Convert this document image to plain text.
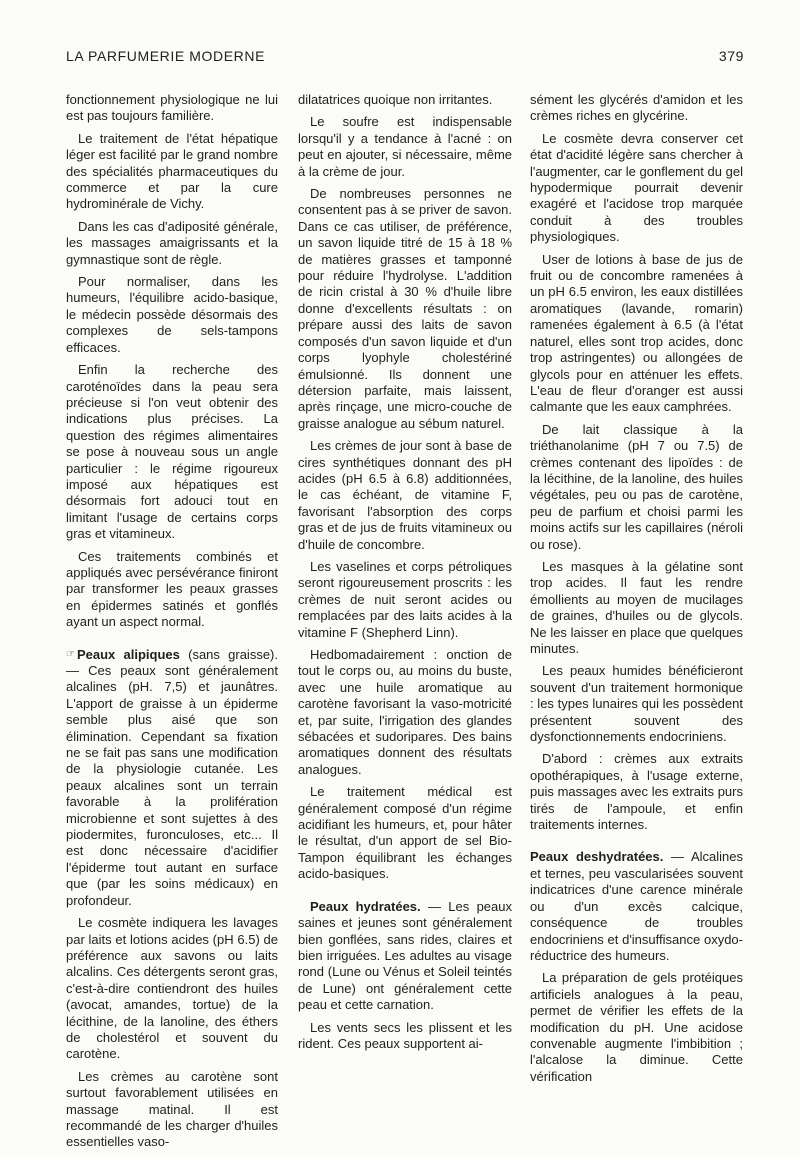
LA PARFUMERIE MODERNE	379

fonctionnement physiologique ne lui est pas toujours familière.

Le traitement de l'état hépatique léger est facilité par le grand nombre des spécialités pharmaceutiques du commerce et par la cure hydrominérale de Vichy.

Dans les cas d'adiposité générale, les massages amaigrissants et la gymnastique sont de règle.

Pour normaliser, dans les humeurs, l'équilibre acido-basique, le médecin possède désormais des complexes de sels-tampons efficaces.

Enfin la recherche des caroténoïdes dans la peau sera précieuse si l'on veut obtenir des indications plus précises. La question des régimes alimentaires se pose à nouveau sous un angle particulier : le régime rigoureux imposé aux hépatiques est désormais fort adouci tout en limitant l'usage de certains corps gras et vitamineux.

Ces traitements combinés et appliqués avec persévérance finiront par transformer les peaux grasses en épidermes satinés et gonflés ayant un aspect normal.

☞ Peaux alipiques (sans graisse). — Ces peaux sont généralement alcalines (pH. 7,5) et jaunâtres. L'apport de graisse à un épiderme semble plus aisé que son élimination. Cependant sa fixation ne se fait pas sans une modification de la physiologie cutanée. Les peaux alcalines sont un terrain favorable à la prolifération microbienne et sont sujettes à des piodermites, furonculoses, etc... Il est donc nécessaire d'acidifier l'épiderme tout autant en surface que (par les soins médicaux) en profondeur.

Le cosmète indiquera les lavages par laits et lotions acides (pH 6.5) de préférence aux savons ou laits alcalins. Ces détergents seront gras, c'est-à-dire contiendront des huiles (avocat, amandes, tortue) de la lécithine, de la lanoline, des éthers de cholestérol et souvent du carotène.

Les crèmes au carotène sont surtout favorablement utilisées en massage matinal. Il est recommandé de les charger d'huiles essentielles vaso-

dilatatrices quoique non irritantes.

Le soufre est indispensable lorsqu'il y a tendance à l'acné : on peut en ajouter, si nécessaire, même à la crème de jour.

De nombreuses personnes ne consentent pas à se priver de savon. Dans ce cas utiliser, de préférence, un savon liquide titré de 15 à 18 % de matières grasses et tamponné pour réduire l'hydrolyse. L'addition de ricin cristal à 30 % d'huile libre donne d'excellents résultats : on prépare aussi des laits de savon composés d'un savon liquide et d'un corps lyophyle cholestériné émulsionné. Ils donnent une détersion parfaite, mais laissent, après rinçage, une micro-couche de graisse analogue au sébum naturel.

Les crèmes de jour sont à base de cires synthétiques donnant des pH acides (pH 6.5 à 6.8) additionnées, le cas échéant, de vitamine F, favorisant l'absorption des corps gras et de jus de fruits vitamineux ou d'huile de concombre.

Les vaselines et corps pétroliques seront rigoureusement proscrits : les crèmes de nuit seront acides ou remplacées par des laits acides à la vitamine F (Shepherd Linn).

Hedbomadairement : onction de tout le corps ou, au moins du buste, avec une huile aromatique au carotène favorisant la vaso-motricité et, par suite, l'irrigation des glandes sébacées et sudoripares. Des bains aromatiques donnent des résultats analogues.

Le traitement médical est généralement composé d'un régime acidifiant les humeurs, et, pour hâter le résultat, d'un apport de sel Bio-Tampon équilibrant les échanges acido-basiques.

Peaux hydratées. — Les peaux saines et jeunes sont généralement bien gonflées, sans rides, claires et bien irriguées. Les adultes au visage rond (Lune ou Vénus et Soleil teintés de Lune) ont généralement cette peau et cette carnation.

Les vents secs les plissent et les rident. Ces peaux supportent ai-

sément les glycérés d'amidon et les crèmes riches en glycérine.

Le cosmète devra conserver cet état d'acidité légère sans chercher à l'augmenter, car le gonflement du gel hypodermique pourrait devenir exagéré et l'acidose trop marquée conduit à des troubles physiologiques.

User de lotions à base de jus de fruit ou de concombre ramenées à un pH 6.5 environ, les eaux distillées aromatiques (lavande, romarin) ramenées également à 6.5 (à l'état naturel, elles sont trop acides, donc trop astringentes) ou allongées de glycols pour en atténuer les effets. L'eau de fleur d'oranger est aussi calmante que les eaux camphrées.

De lait classique à la triéthanolanime (pH 7 ou 7.5) de crèmes contenant des lipoïdes : de la lécithine, de la lanoline, des huiles végétales, peu ou pas de carotène, peu de parfium et choisi parmi les moins actifs sur les capillaires (néroli ou rose).

Les masques à la gélatine sont trop acides. Il faut les rendre émollients au moyen de mucilages de graines, d'huiles ou de glycols. Ne les laisser en place que quelques minutes.

Les peaux humides bénéficieront souvent d'un traitement hormonique : les types lunaires qui les possèdent présentent souvent des dysfonctionnements endocriniens.

D'abord : crèmes aux extraits opothérapiques, à l'usage externe, puis massages avec les extraits purs tirés de l'ampoule, et enfin traitements internes.

Peaux deshydratées. — Alcalines et ternes, peu vascularisées souvent indicatrices d'une carence minérale ou d'un excès calcique, conséquence de troubles endocriniens et d'insuffisance oxydo-réductrice des humeurs.

La préparation de gels protéiques artificiels analogues à la peau, permet de vérifier les effets de la modification du pH. Une acidose convenable augmente l'imbibition ; l'alcalose la diminue. Cette vérification
